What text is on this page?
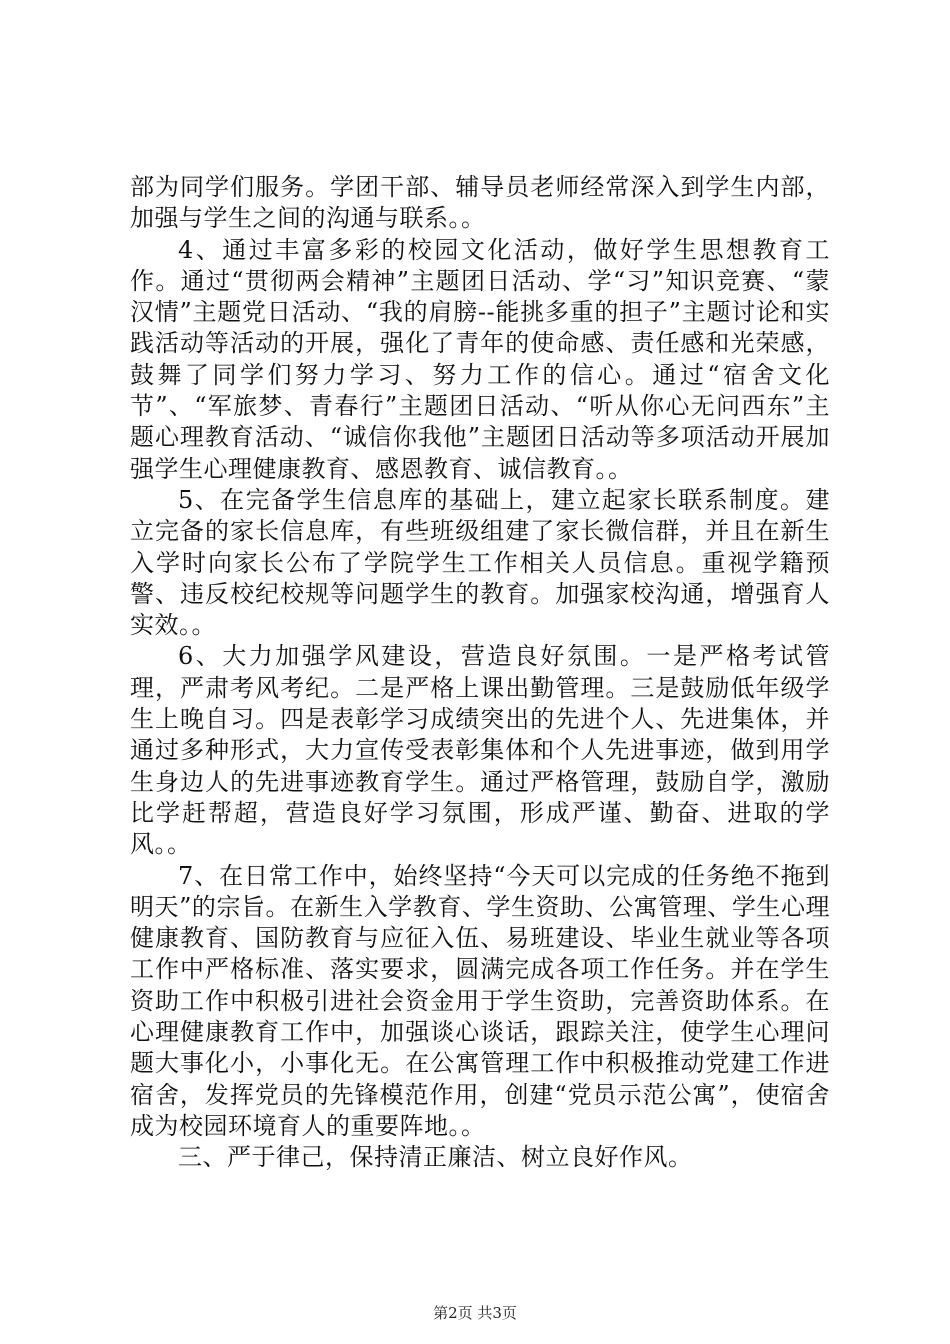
部为同学们服务。学团干部、辅导员老师经常深入到学生内部，加强与学生之间的沟通与联系。。

4、通过丰富多彩的校园文化活动，做好学生思想教育工作。通过“贯彻两会精神”主题团日活动、学“习”知识竞赛、“蒙汉情”主题党日活动、“我的肩膀--能挑多重的担子”主题讨论和实践活动等活动的开展，强化了青年的使命感、责任感和光荣感，鼓舞了同学们努力学习、努力工作的信心。通过“宿舍文化节”、“军旅梦、青春行”主题团日活动、“听从你心无问西东”主题心理教育活动、“诚信你我他”主题团日活动等多项活动开展加强学生心理健康教育、感恩教育、诚信教育。。

5、在完备学生信息库的基础上，建立起家长联系制度。建立完备的家长信息库，有些班级组建了家长微信群，并且在新生入学时向家长公布了学院学生工作相关人员信息。重视学籍预警、违反校纪校规等问题学生的教育。加强家校沟通，增强育人实效。。

6、大力加强学风建设，营造良好氛围。一是严格考试管理，严肃考风考纪。二是严格上课出勤管理。三是鼓励低年级学生上晚自习。四是表彰学习成绩突出的先进个人、先进集体，并通过多种形式，大力宣传受表彰集体和个人先进事迹，做到用学生身边人的先进事迹教育学生。通过严格管理，鼓励自学，激励比学赶帮超，营造良好学习氛围，形成严谨、勤奋、进取的学风。。

7、在日常工作中，始终坚持“今天可以完成的任务绝不拖到明天”的宗旨。在新生入学教育、学生资助、公寓管理、学生心理健康教育、国防教育与应征入伍、易班建设、毕业生就业等各项工作中严格标准、落实要求，圆满完成各项工作任务。并在学生资助工作中积极引进社会资金用于学生资助，完善资助体系。在心理健康教育工作中，加强谈心谈话，跟踪关注，使学生心理问题大事化小，小事化无。在公寓管理工作中积极推动党建工作进宿舍，发挥党员的先锋模范作用，创建“党员示范公寓”，使宿舍成为校园环境育人的重要阵地。。

三、严于律己，保持清正廉洁、树立良好作风。

第2页 共3页
